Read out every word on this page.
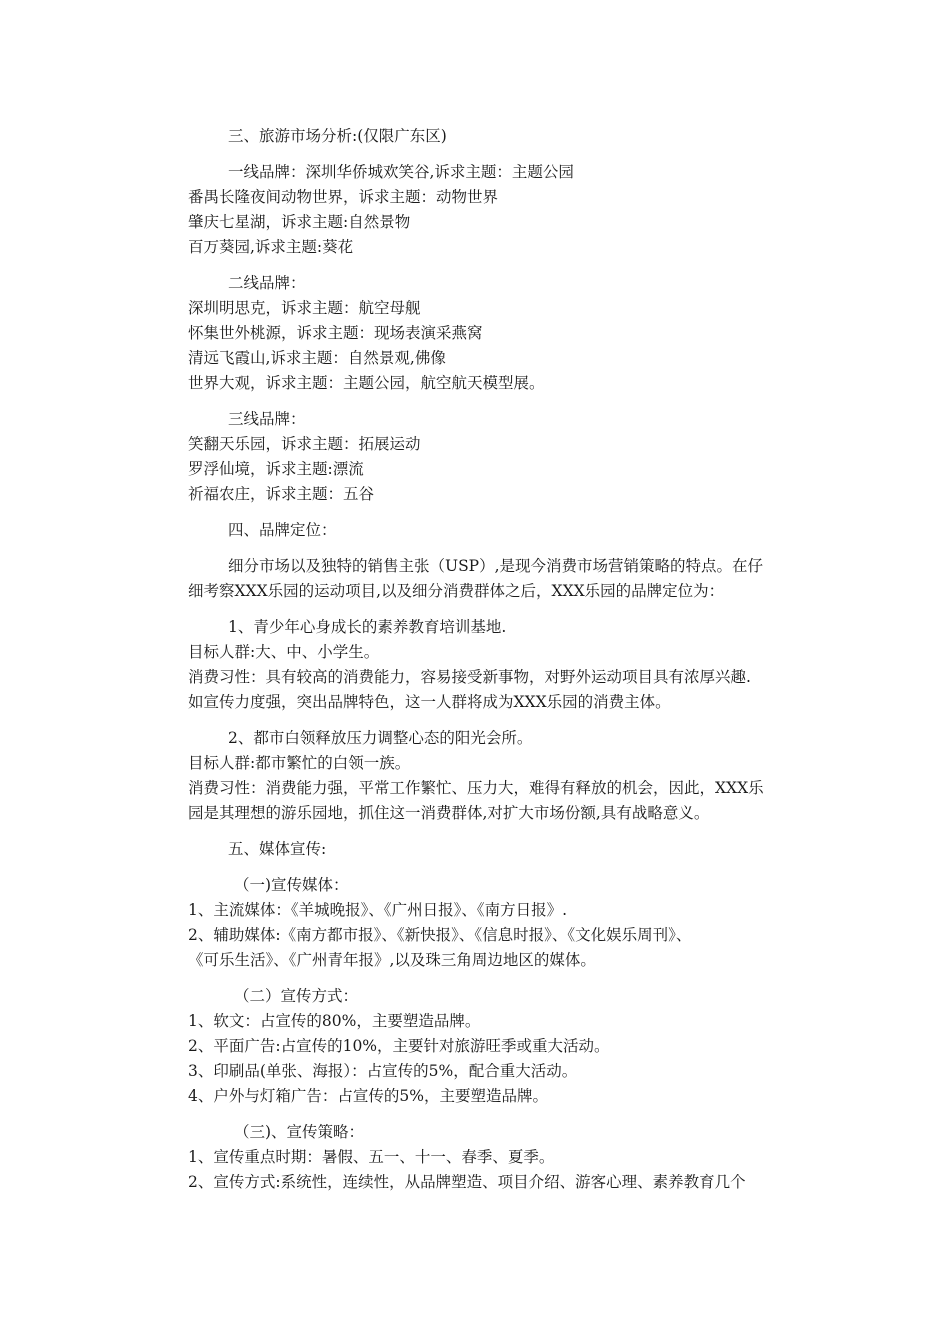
三、旅游市场分析:(仅限广东区)
一线品牌：深圳华侨城欢笑谷,诉求主题：主题公园
番禺长隆夜间动物世界，诉求主题：动物世界
肇庆七星湖，诉求主题:自然景物
百万葵园,诉求主题:葵花
二线品牌：
深圳明思克，诉求主题：航空母舰
怀集世外桃源，诉求主题：现场表演采燕窝
清远飞霞山,诉求主题：自然景观,佛像
世界大观，诉求主题：主题公园，航空航天模型展。
三线品牌：
笑翻天乐园，诉求主题：拓展运动
罗浮仙境，诉求主题:漂流
祈福农庄，诉求主题：五谷
四、品牌定位：
细分市场以及独特的销售主张（USP）,是现今消费市场营销策略的特点。在仔
细考察XXX乐园的运动项目,以及细分消费群体之后，XXX乐园的品牌定位为：
1、青少年心身成长的素养教育培训基地.
目标人群:大、中、小学生。
消费习性：具有较高的消费能力，容易接受新事物，对野外运动项目具有浓厚兴趣.
如宣传力度强，突出品牌特色，这一人群将成为XXX乐园的消费主体。
2、都市白领释放压力调整心态的阳光会所。
目标人群:都市繁忙的白领一族。
消费习性：消费能力强，平常工作繁忙、压力大，难得有释放的机会，因此，XXX乐
园是其理想的游乐园地，抓住这一消费群体,对扩大市场份额,具有战略意义。
五、媒体宣传:
（一)宣传媒体：
1、主流媒体：《羊城晚报》、《广州日报》、《南方日报》.
2、辅助媒体:《南方都市报》、《新快报》、《信息时报》、《文化娱乐周刊》、
《可乐生活》、《广州青年报》,以及珠三角周边地区的媒体。
（二）宣传方式：
1、软文：占宣传的80%，主要塑造品牌。
2、平面广告:占宣传的10%，主要针对旅游旺季或重大活动。
3、印刷品(单张、海报）：占宣传的5%，配合重大活动。
4、户外与灯箱广告：占宣传的5%，主要塑造品牌。
（三)、宣传策略：
1、宣传重点时期：暑假、五一、十一、春季、夏季。
2、宣传方式:系统性，连续性，从品牌塑造、项目介绍、游客心理、素养教育几个
